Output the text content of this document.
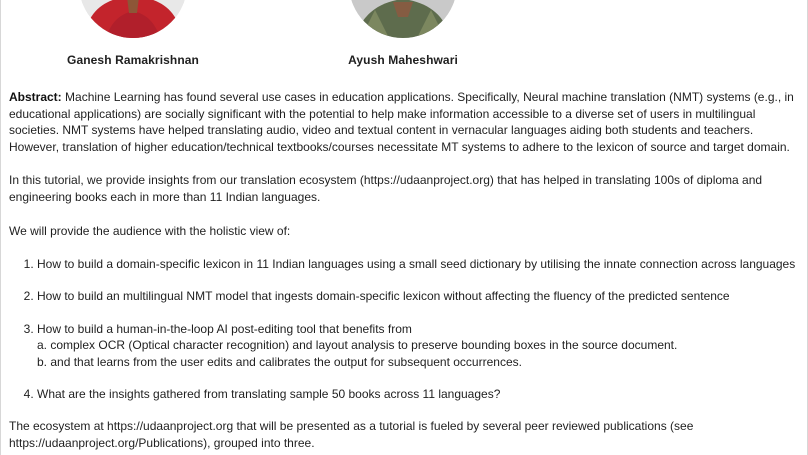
Ganesh Ramakrishnan	Ayush Maheshwari

Abstract: Machine Learning has found several use cases in education applications. Specifically, Neural machine translation (NMT) systems (e.g., in educational applications) are socially significant with the potential to help make information accessible to a diverse set of users in multilingual societies. NMT systems have helped translating audio, video and textual content in vernacular languages aiding both students and teachers. However, translation of higher education/technical textbooks/courses necessitate MT systems to adhere to the lexicon of source and target domain.

In this tutorial, we provide insights from our translation ecosystem (https://udaanproject.org) that has helped in translating 100s of diploma and engineering books each in more than 11 Indian languages.

We will provide the audience with the holistic view of:

1. How to build a domain-specific lexicon in 11 Indian languages using a small seed dictionary by utilising the innate connection across languages
2. How to build an multilingual NMT model that ingests domain-specific lexicon without affecting the fluency of the predicted sentence
3. How to build a human-in-the-loop AI post-editing tool that benefits from
a. complex OCR (Optical character recognition) and layout analysis to preserve bounding boxes in the source document.
b. and that learns from the user edits and calibrates the output for subsequent occurrences.
4. What are the insights gathered from translating sample 50 books across 11 languages?

The ecosystem at https://udaanproject.org that will be presented as a tutorial is fueled by several peer reviewed publications (see https://udaanproject.org/Publications), grouped into three.
